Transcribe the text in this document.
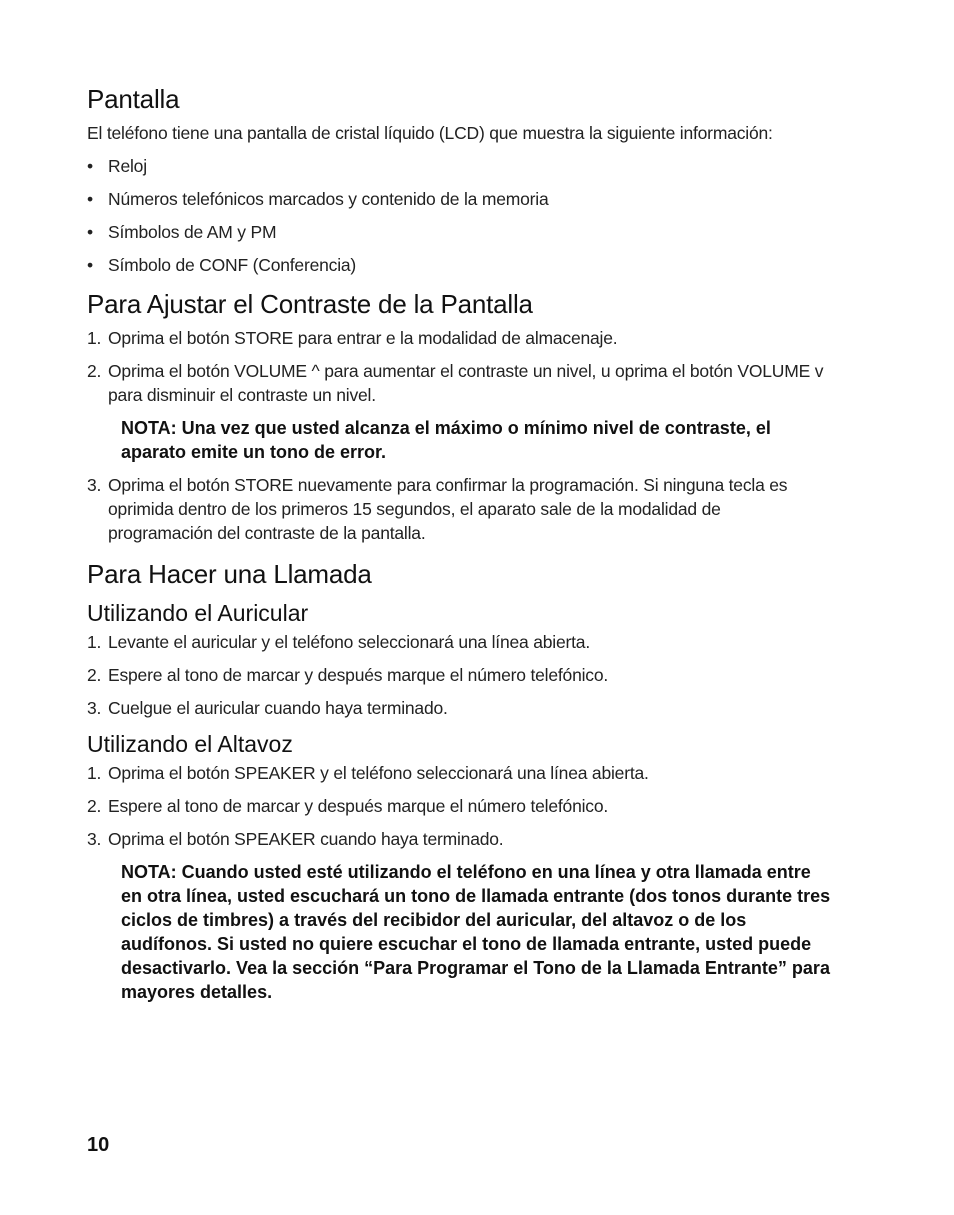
Pantalla

El teléfono tiene una pantalla de cristal líquido (LCD) que muestra la siguiente información:

• Reloj
• Números telefónicos marcados y contenido de la memoria
• Símbolos de AM y PM
• Símbolo de CONF (Conferencia)
Para Ajustar el Contraste de la Pantalla
1. Oprima el botón STORE para entrar e la modalidad de almacenaje.
2. Oprima el botón VOLUME ^ para aumentar el contraste un nivel, u oprima el botón VOLUME v para disminuir el contraste un nivel.

NOTA: Una vez que usted alcanza el máximo o mínimo nivel de contraste, el aparato emite un tono de error.

3. Oprima el botón STORE nuevamente para confirmar la programación. Si ninguna tecla es oprimida dentro de los primeros 15 segundos, el aparato sale de la modalidad de programación del contraste de la pantalla.
Para Hacer una Llamada
Utilizando el Auricular
1. Levante el auricular y el teléfono seleccionará una línea abierta.
2. Espere al tono de marcar y después marque el número telefónico.
3. Cuelgue el auricular cuando haya terminado.
Utilizando el Altavoz
1. Oprima el botón SPEAKER y el teléfono seleccionará una línea abierta.
2. Espere al tono de marcar y después marque el número telefónico.
3. Oprima el botón SPEAKER cuando haya terminado.

NOTA: Cuando usted esté utilizando el teléfono en una línea y otra llamada entre en otra línea, usted escuchará un tono de llamada entrante (dos tonos durante tres ciclos de timbres) a través del recibidor del auricular, del altavoz o de los audífonos. Si usted no quiere escuchar el tono de llamada entrante, usted puede desactivarlo. Vea la sección “Para Programar el Tono de la Llamada Entrante” para mayores detalles.

10
